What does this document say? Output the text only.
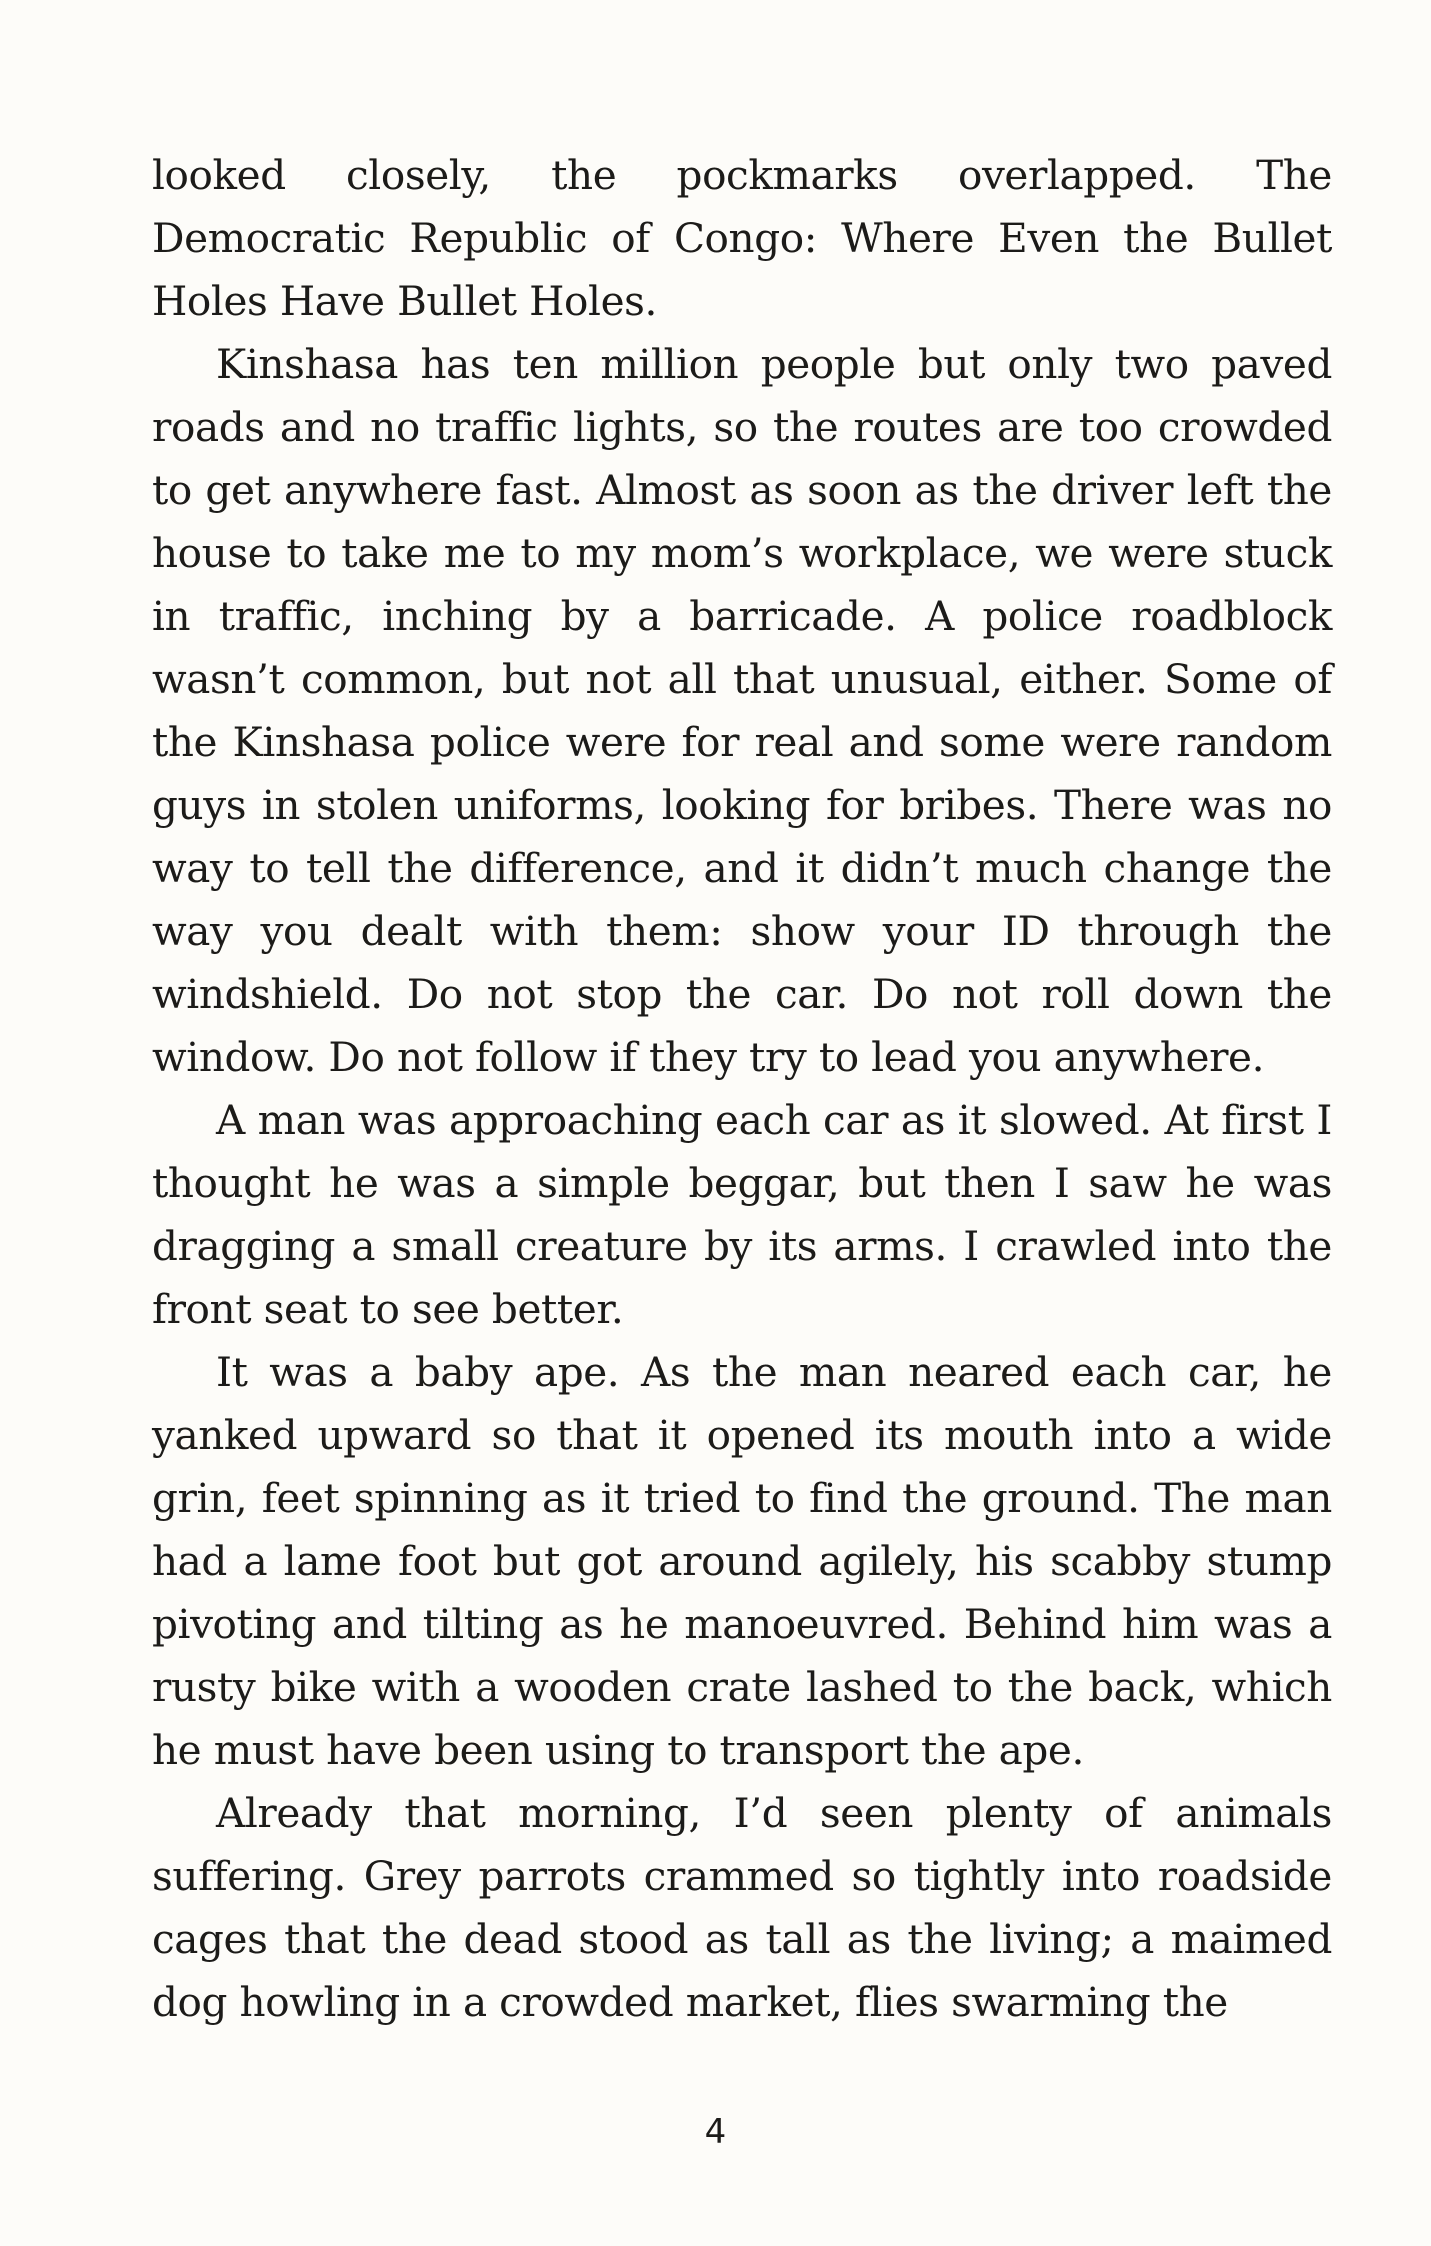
looked closely, the pockmarks overlapped. The Democratic Republic of Congo: Where Even the Bullet Holes Have Bullet Holes.

Kinshasa has ten million people but only two paved roads and no traffic lights, so the routes are too crowded to get anywhere fast. Almost as soon as the driver left the house to take me to my mom’s workplace, we were stuck in traffic, inching by a barricade. A police roadblock wasn’t common, but not all that unusual, either. Some of the Kinshasa police were for real and some were random guys in stolen uniforms, looking for bribes. There was no way to tell the difference, and it didn’t much change the way you dealt with them: show your ID through the windshield. Do not stop the car. Do not roll down the window. Do not follow if they try to lead you anywhere.

A man was approaching each car as it slowed. At first I thought he was a simple beggar, but then I saw he was dragging a small creature by its arms. I crawled into the front seat to see better.

It was a baby ape. As the man neared each car, he yanked upward so that it opened its mouth into a wide grin, feet spinning as it tried to find the ground. The man had a lame foot but got around agilely, his scabby stump pivoting and tilting as he manoeuvred. Behind him was a rusty bike with a wooden crate lashed to the back, which he must have been using to transport the ape.

Already that morning, I’d seen plenty of animals suffering. Grey parrots crammed so tightly into roadside cages that the dead stood as tall as the living; a maimed dog howling in a crowded market, flies swarming the

4
